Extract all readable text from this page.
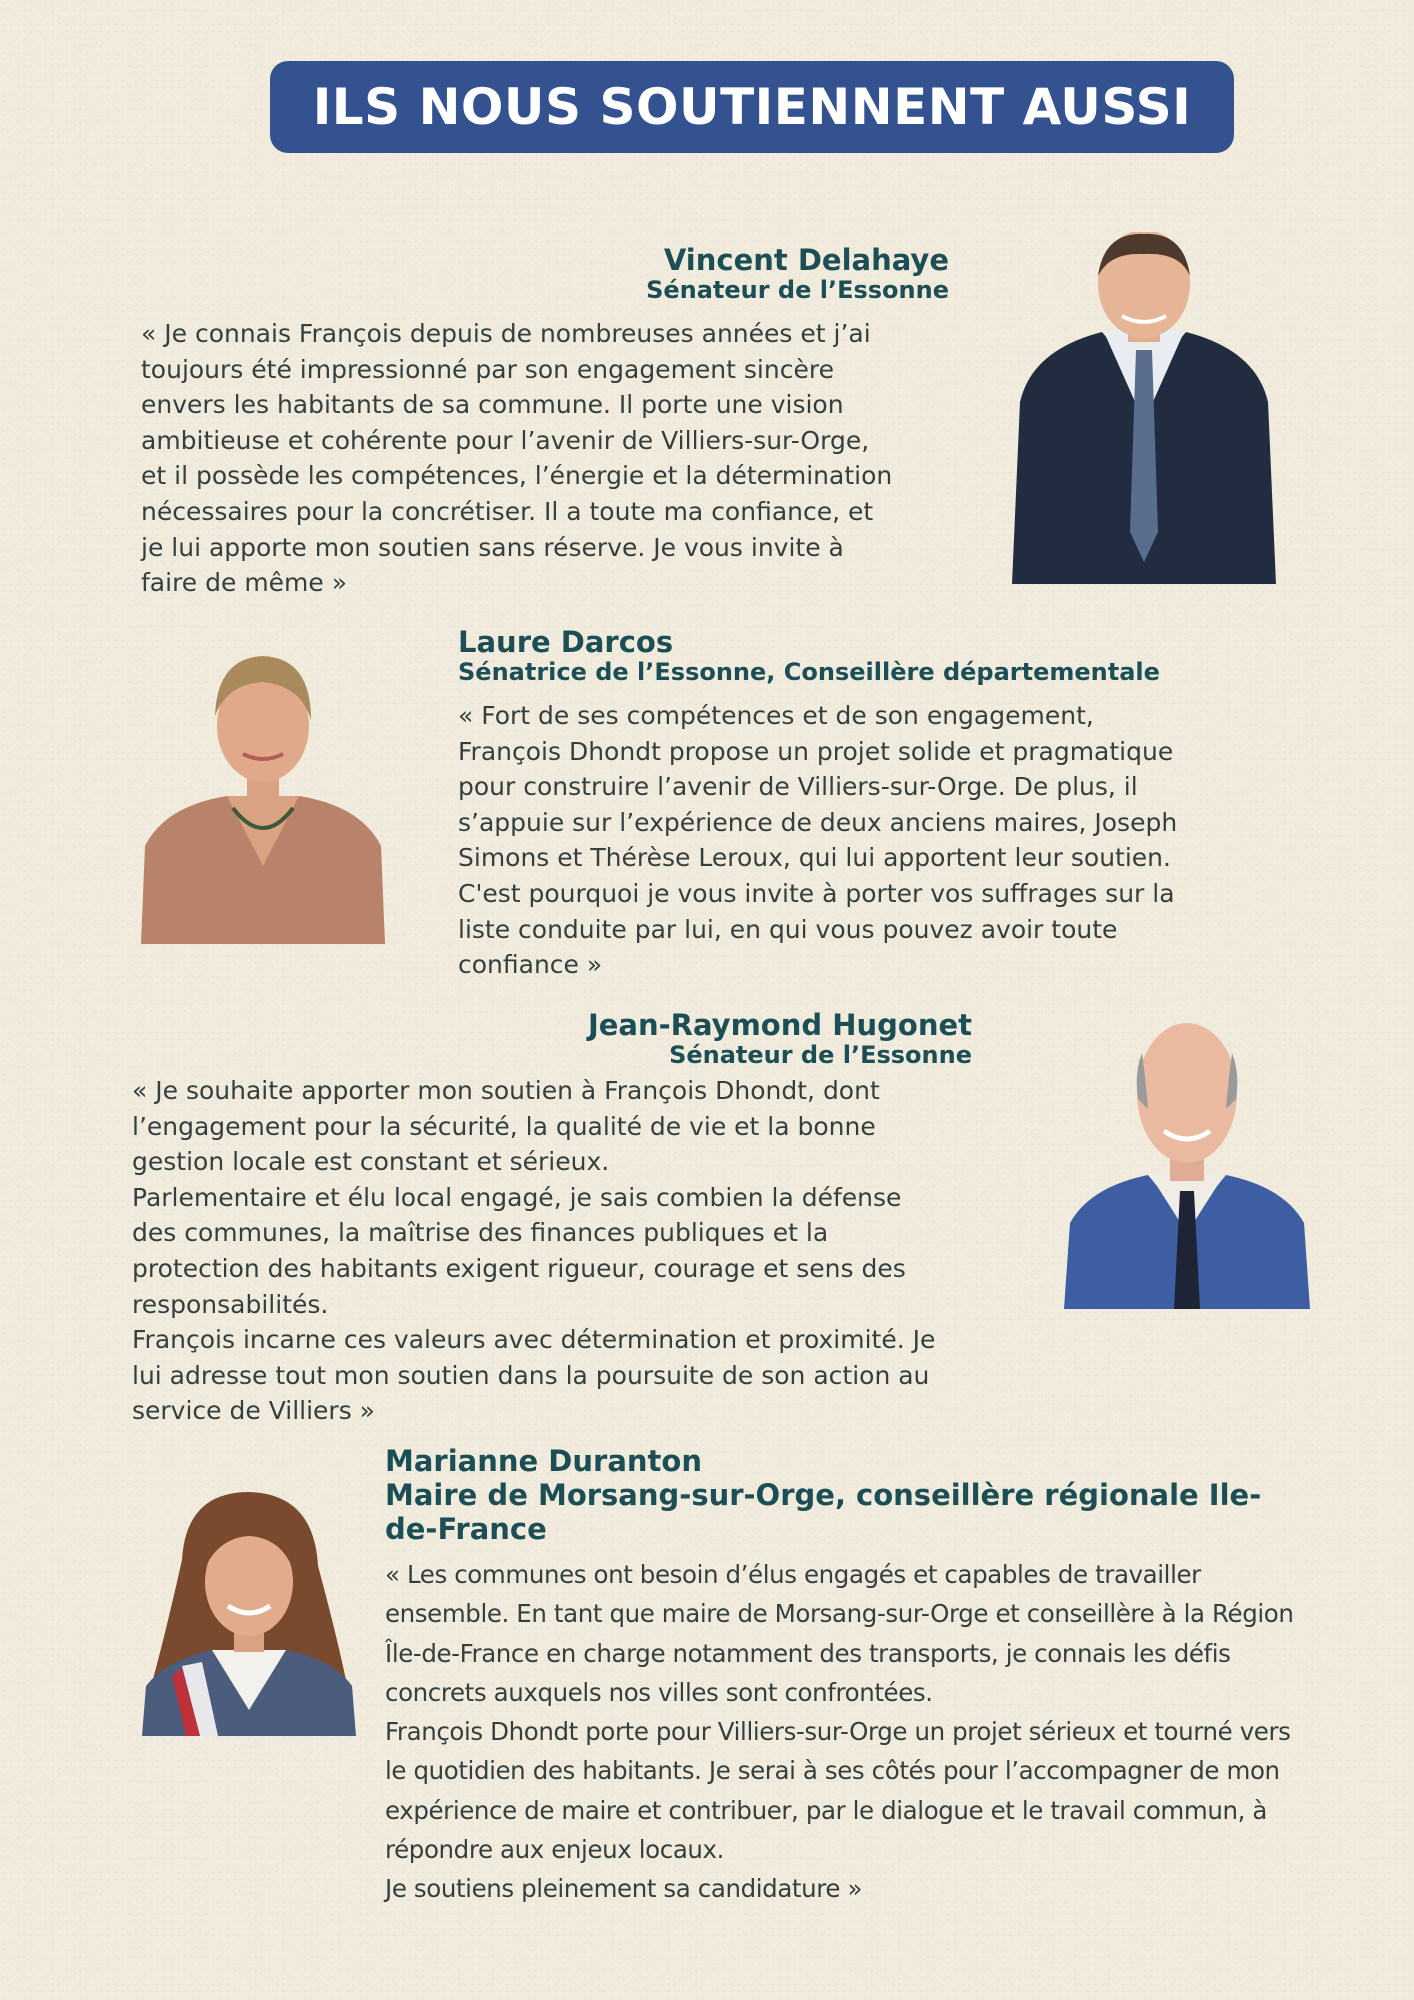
ILS NOUS SOUTIENNENT AUSSI
Vincent Delahaye
Sénateur de l’Essonne

« Je connais François depuis de nombreuses années et j’ai
toujours été impressionné par son engagement sincère
envers les habitants de sa commune. Il porte une vision
ambitieuse et cohérente pour l’avenir de Villiers-sur-Orge,
et il possède les compétences, l’énergie et la détermination
nécessaires pour la concrétiser. Il a toute ma confiance, et
je lui apporte mon soutien sans réserve. Je vous invite à
faire de même »

Laure Darcos
Sénatrice de l’Essonne, Conseillère départementale

« Fort de ses compétences et de son engagement,
François Dhondt propose un projet solide et pragmatique
pour construire l’avenir de Villiers-sur-Orge. De plus, il
s’appuie sur l’expérience de deux anciens maires, Joseph
Simons et Thérèse Leroux, qui lui apportent leur soutien.
C'est pourquoi je vous invite à porter vos suffrages sur la
liste conduite par lui, en qui vous pouvez avoir toute
confiance »

Jean-Raymond Hugonet
Sénateur de l’Essonne

« Je souhaite apporter mon soutien à François Dhondt, dont
l’engagement pour la sécurité, la qualité de vie et la bonne
gestion locale est constant et sérieux.
Parlementaire et élu local engagé, je sais combien la défense
des communes, la maîtrise des finances publiques et la
protection des habitants exigent rigueur, courage et sens des
responsabilités.
François incarne ces valeurs avec détermination et proximité. Je
lui adresse tout mon soutien dans la poursuite de son action au
service de Villiers »

Marianne Duranton
Maire de Morsang-sur-Orge, conseillère régionale Ile-
de-France

« Les communes ont besoin d’élus engagés et capables de travailler
ensemble. En tant que maire de Morsang-sur-Orge et conseillère à la Région
Île-de-France en charge notamment des transports, je connais les défis
concrets auxquels nos villes sont confrontées.
François Dhondt porte pour Villiers-sur-Orge un projet sérieux et tourné vers
le quotidien des habitants. Je serai à ses côtés pour l’accompagner de mon
expérience de maire et contribuer, par le dialogue et le travail commun, à
répondre aux enjeux locaux.
Je soutiens pleinement sa candidature »
